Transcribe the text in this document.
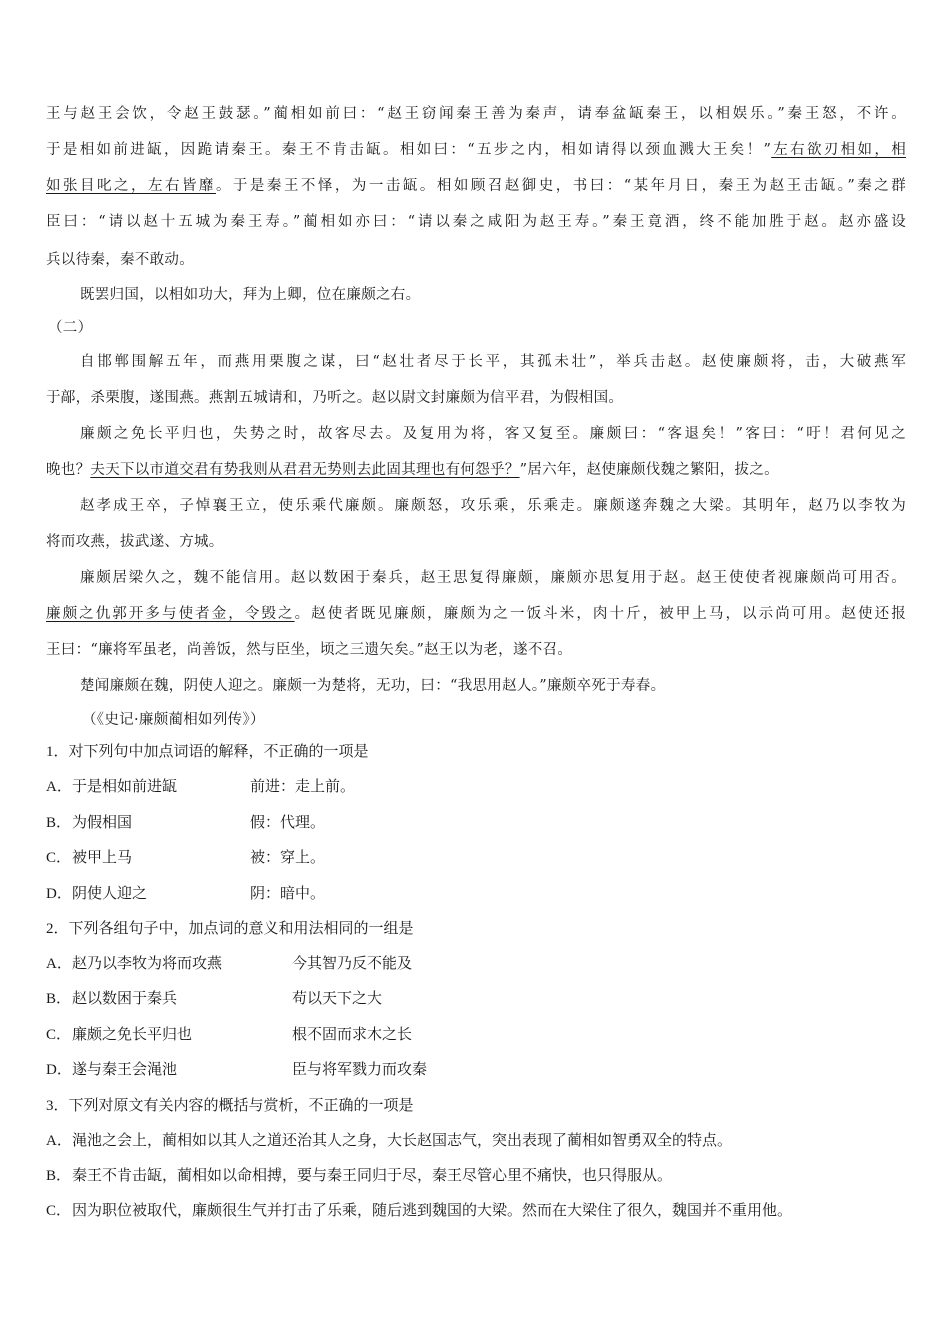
王与赵王会饮，令赵王鼓瑟。”蔺相如前曰：“赵王窃闻秦王善为秦声，请奉盆缻秦王，以相娱乐。”秦王怒，不许。
于是相如前进缻，因跪请秦王。秦王不肯击缻。相如曰：“五步之内，相如请得以颈血溅大王矣！”左右欲刃相如，相
如张目叱之，左右皆靡。于是秦王不怿，为一击缻。相如顾召赵御史，书曰：“某年月日，秦王为赵王击缻。”秦之群
臣曰：“请以赵十五城为秦王寿。”蔺相如亦曰：“请以秦之咸阳为赵王寿。”秦王竟酒，终不能加胜于赵。赵亦盛设
兵以待秦，秦不敢动。
既罢归国，以相如功大，拜为上卿，位在廉颇之右。
（二）
自邯郸围解五年，而燕用栗腹之谋，曰“赵壮者尽于长平，其孤未壮”，举兵击赵。赵使廉颇将，击，大破燕军
于鄗，杀栗腹，遂围燕。燕割五城请和，乃听之。赵以尉文封廉颇为信平君，为假相国。
廉颇之免长平归也，失势之时，故客尽去。及复用为将，客又复至。廉颇曰：“客退矣！”客曰：“吁！君何见之
晚也？夫天下以市道交君有势我则从君君无势则去此固其理也有何怨乎？”居六年，赵使廉颇伐魏之繁阳，拔之。
赵孝成王卒，子悼襄王立，使乐乘代廉颇。廉颇怒，攻乐乘，乐乘走。廉颇遂奔魏之大梁。其明年，赵乃以李牧为
将而攻燕，拔武遂、方城。
廉颇居梁久之，魏不能信用。赵以数困于秦兵，赵王思复得廉颇，廉颇亦思复用于赵。赵王使使者视廉颇尚可用否。
廉颇之仇郭开多与使者金，令毁之。赵使者既见廉颇，廉颇为之一饭斗米，肉十斤，被甲上马，以示尚可用。赵使还报
王曰：“廉将军虽老，尚善饭，然与臣坐，顷之三遗矢矣。”赵王以为老，遂不召。
楚闻廉颇在魏，阴使人迎之。廉颇一为楚将，无功，曰：“我思用赵人。”廉颇卒死于寿春。
（《史记·廉颇蔺相如列传》）
1．对下列句中加点词语的解释，不正确的一项是
A．于是相如前进缻	前进：走上前。
B．为假相国	假：代理。
C．被甲上马	被：穿上。
D．阴使人迎之	阴：暗中。
2．下列各组句子中，加点词的意义和用法相同的一组是
A．赵乃以李牧为将而攻燕	今其智乃反不能及
B．赵以数困于秦兵	苟以天下之大
C．廉颇之免长平归也	根不固而求木之长
D．遂与秦王会渑池	臣与将军戮力而攻秦
3．下列对原文有关内容的概括与赏析，不正确的一项是
A．渑池之会上，蔺相如以其人之道还治其人之身，大长赵国志气，突出表现了蔺相如智勇双全的特点。
B．秦王不肯击缻，蔺相如以命相搏，要与秦王同归于尽，秦王尽管心里不痛快，也只得服从。
C．因为职位被取代，廉颇很生气并打击了乐乘，随后逃到魏国的大梁。然而在大梁住了很久，魏国并不重用他。
